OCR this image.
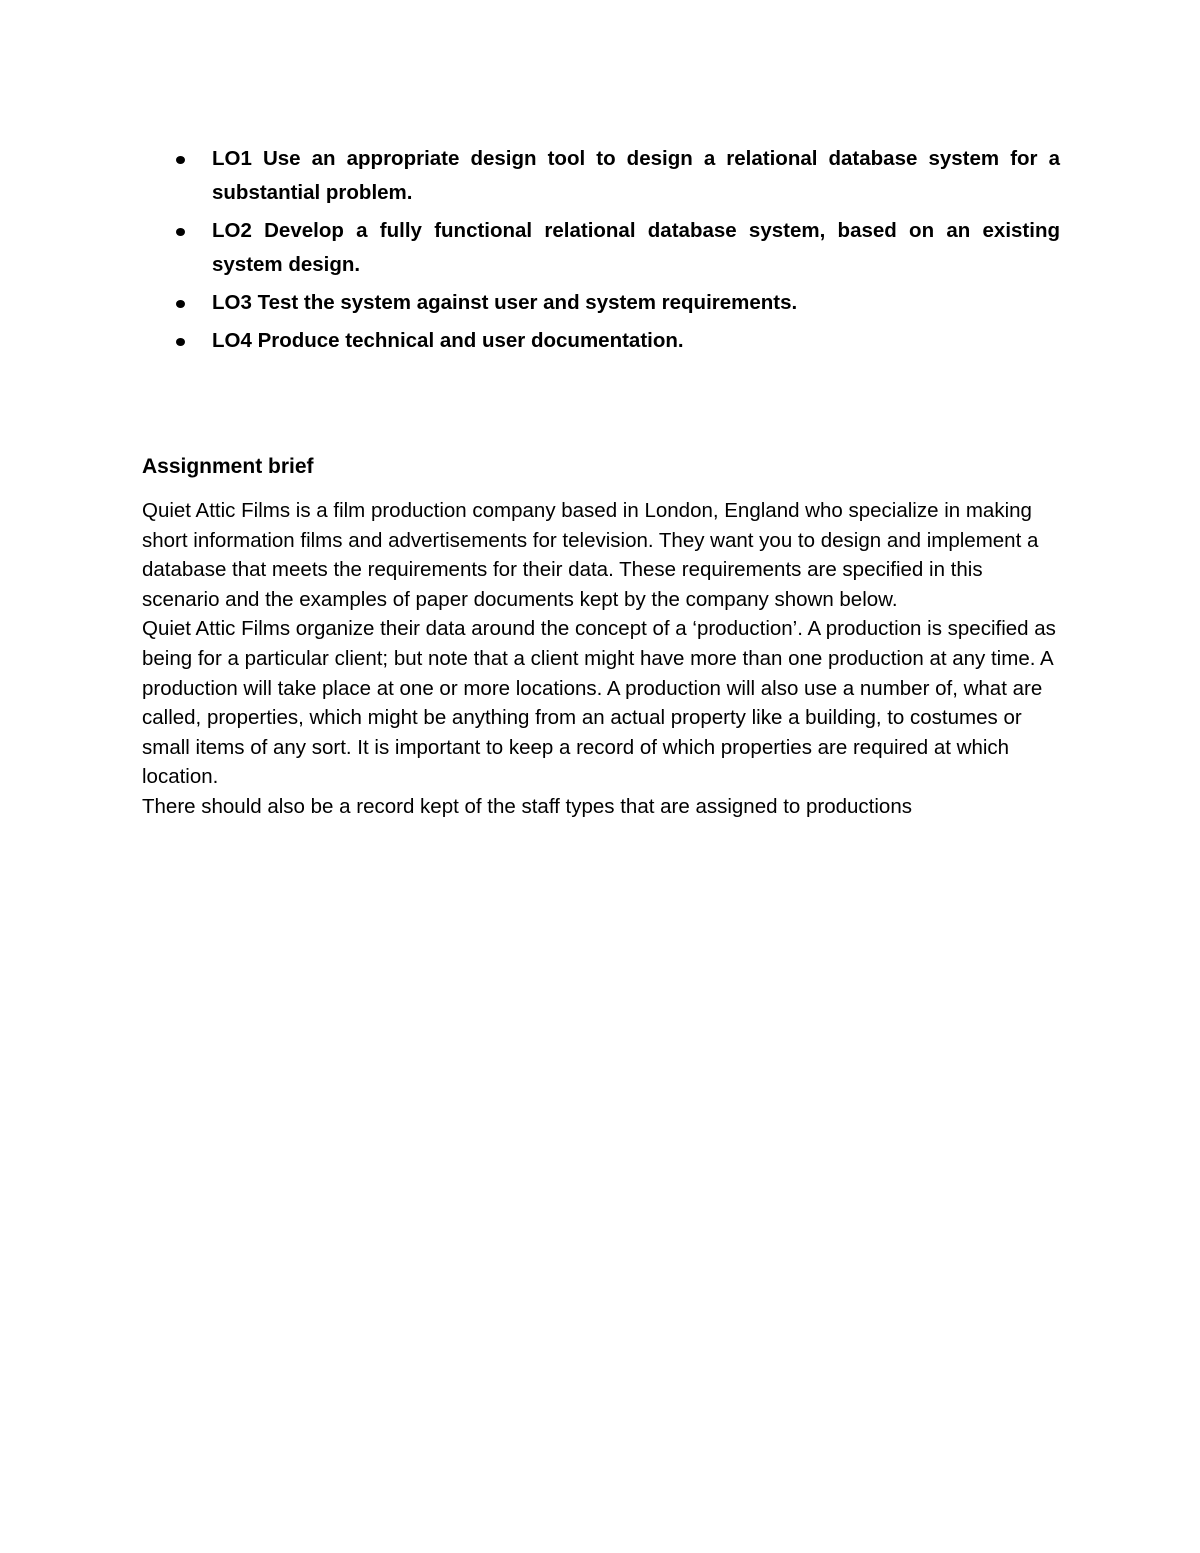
LO1 Use an appropriate design tool to design a relational database system for a substantial problem.
LO2 Develop a fully functional relational database system, based on an existing system design.
LO3 Test the system against user and system requirements.
LO4 Produce technical and user documentation.
Assignment brief

Quiet Attic Films is a film production company based in London, England who specialize in making short information films and advertisements for television. They want you to design and implement a database that meets the requirements for their data. These requirements are specified in this scenario and the examples of paper documents kept by the company shown below.

Quiet Attic Films organize their data around the concept of a ‘production’. A production is specified as being for a particular client; but note that a client might have more than one production at any time. A production will take place at one or more locations. A production will also use a number of, what are called, properties, which might be anything from an actual property like a building, to costumes or small items of any sort. It is important to keep a record of which properties are required at which location.

There should also be a record kept of the staff types that are assigned to productions
